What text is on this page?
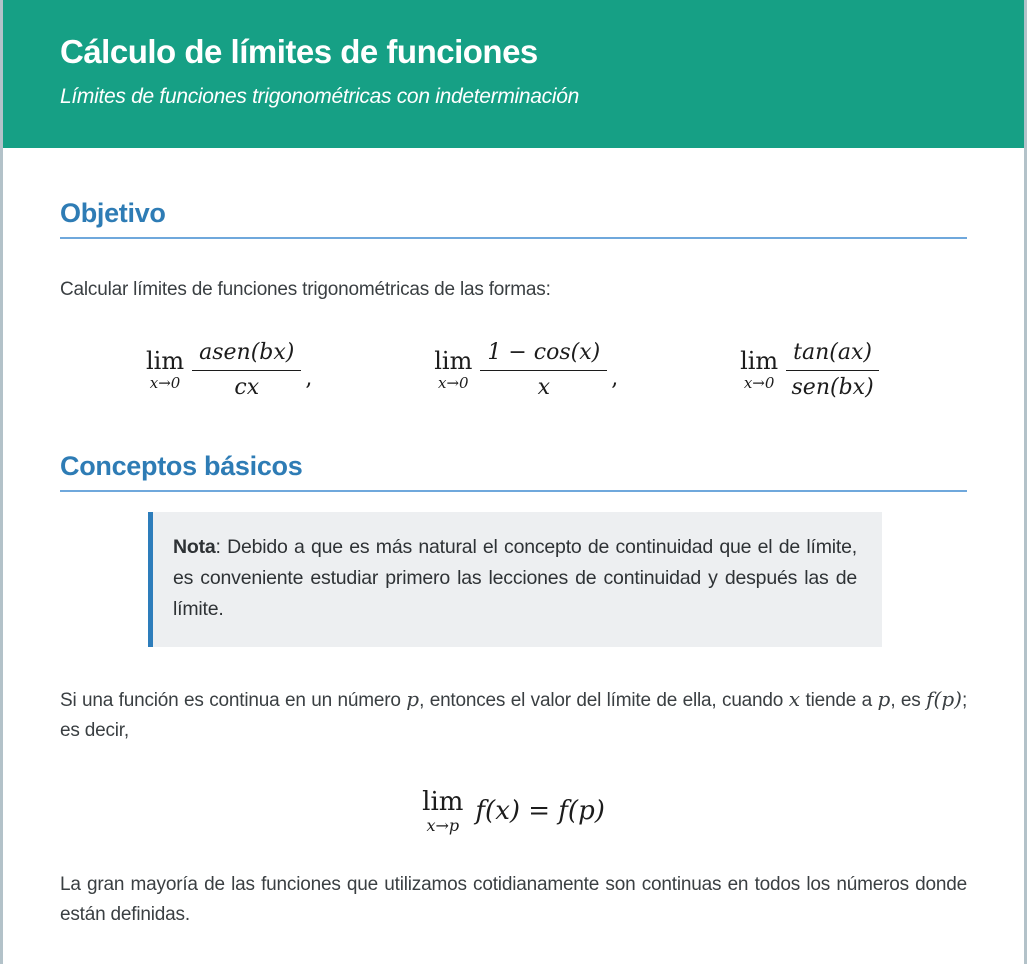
Cálculo de límites de funciones

Límites de funciones trigonométricas con indeterminación

Objetivo

Calcular límites de funciones trigonométricas de las formas:

lim
$x\to 0 \frac{\text{asen(bx)}}{cx}$ ,
lim
$x\to 0 \frac{1 - \cos(x)}{x}$ ,
lim
$x\to 0 \frac{\tan(ax)}{\text{sen(bx)}}$
Conceptos básicos

Nota: Debido a que es más natural el concepto de continuidad que el de límite, es conveniente estudiar primero las lecciones de continuidad y después las de límite.

Si una función es continua en un número p, entonces el valor del límite de ella, cuando x tiende a p, es f(p); es decir,

lim
x→p f(x) = f(p)

La gran mayoría de las funciones que utilizamos cotidianamente son continuas en todos los números donde están definidas.
